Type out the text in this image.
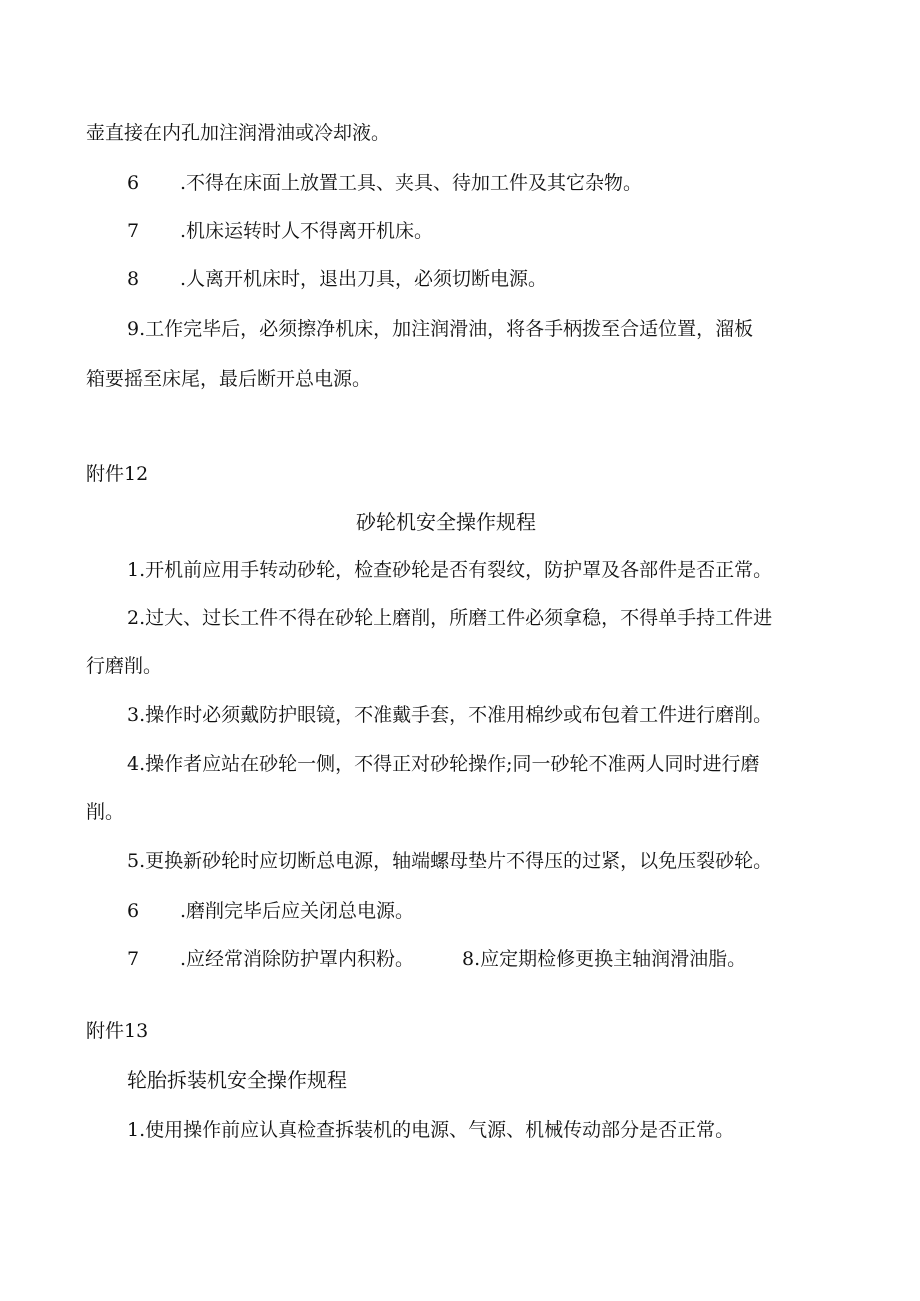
壶直接在内孔加注润滑油或冷却液。
6 .不得在床面上放置工具、夹具、待加工件及其它杂物。
7 .机床运转时人不得离开机床。
8 .人离开机床时，退出刀具，必须切断电源。
9.工作完毕后，必须擦净机床，加注润滑油，将各手柄拨至合适位置，溜板
箱要摇至床尾，最后断开总电源。
附件12
砂轮机安全操作规程
1.开机前应用手转动砂轮，检查砂轮是否有裂纹，防护罩及各部件是否正常。
2.过大、过长工件不得在砂轮上磨削，所磨工件必须拿稳，不得单手持工件进
行磨削。
3.操作时必须戴防护眼镜，不准戴手套，不准用棉纱或布包着工件进行磨削。
4.操作者应站在砂轮一侧，不得正对砂轮操作;同一砂轮不准两人同时进行磨
削。
5.更换新砂轮时应切断总电源，轴端螺母垫片不得压的过紧，以免压裂砂轮。
6 .磨削完毕后应关闭总电源。
7 .应经常消除防护罩内积粉。	8.应定期检修更换主轴润滑油脂。
附件13
轮胎拆装机安全操作规程
1.使用操作前应认真检查拆装机的电源、气源、机械传动部分是否正常。
